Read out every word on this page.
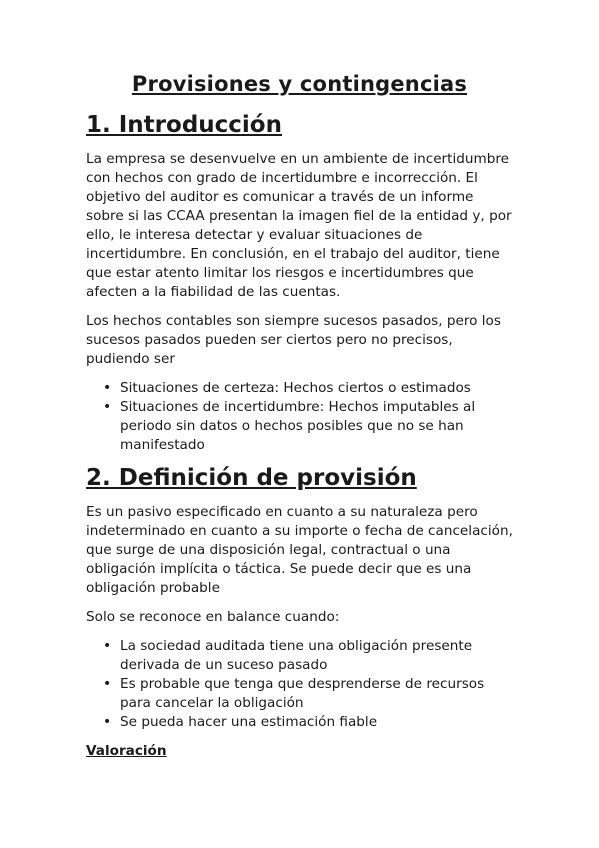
Provisiones y contingencias
1. Introducción

La empresa se desenvuelve en un ambiente de incertidumbre con hechos con grado de incertidumbre e incorrección. El objetivo del auditor es comunicar a través de un informe sobre si las CCAA presentan la imagen fiel de la entidad y, por ello, le interesa detectar y evaluar situaciones de incertidumbre. En conclusión, en el trabajo del auditor, tiene que estar atento limitar los riesgos e incertidumbres que afecten a la fiabilidad de las cuentas.

Los hechos contables son siempre sucesos pasados, pero los sucesos pasados pueden ser ciertos pero no precisos, pudiendo ser

• Situaciones de certeza: Hechos ciertos o estimados
• Situaciones de incertidumbre: Hechos imputables al periodo sin datos o hechos posibles que no se han manifestado
2. Definición de provisión

Es un pasivo especificado en cuanto a su naturaleza pero indeterminado en cuanto a su importe o fecha de cancelación, que surge de una disposición legal, contractual o una obligación implícita o táctica. Se puede decir que es una obligación probable

Solo se reconoce en balance cuando:

• La sociedad auditada tiene una obligación presente derivada de un suceso pasado
• Es probable que tenga que desprenderse de recursos para cancelar la obligación
• Se pueda hacer una estimación fiable
Valoración
